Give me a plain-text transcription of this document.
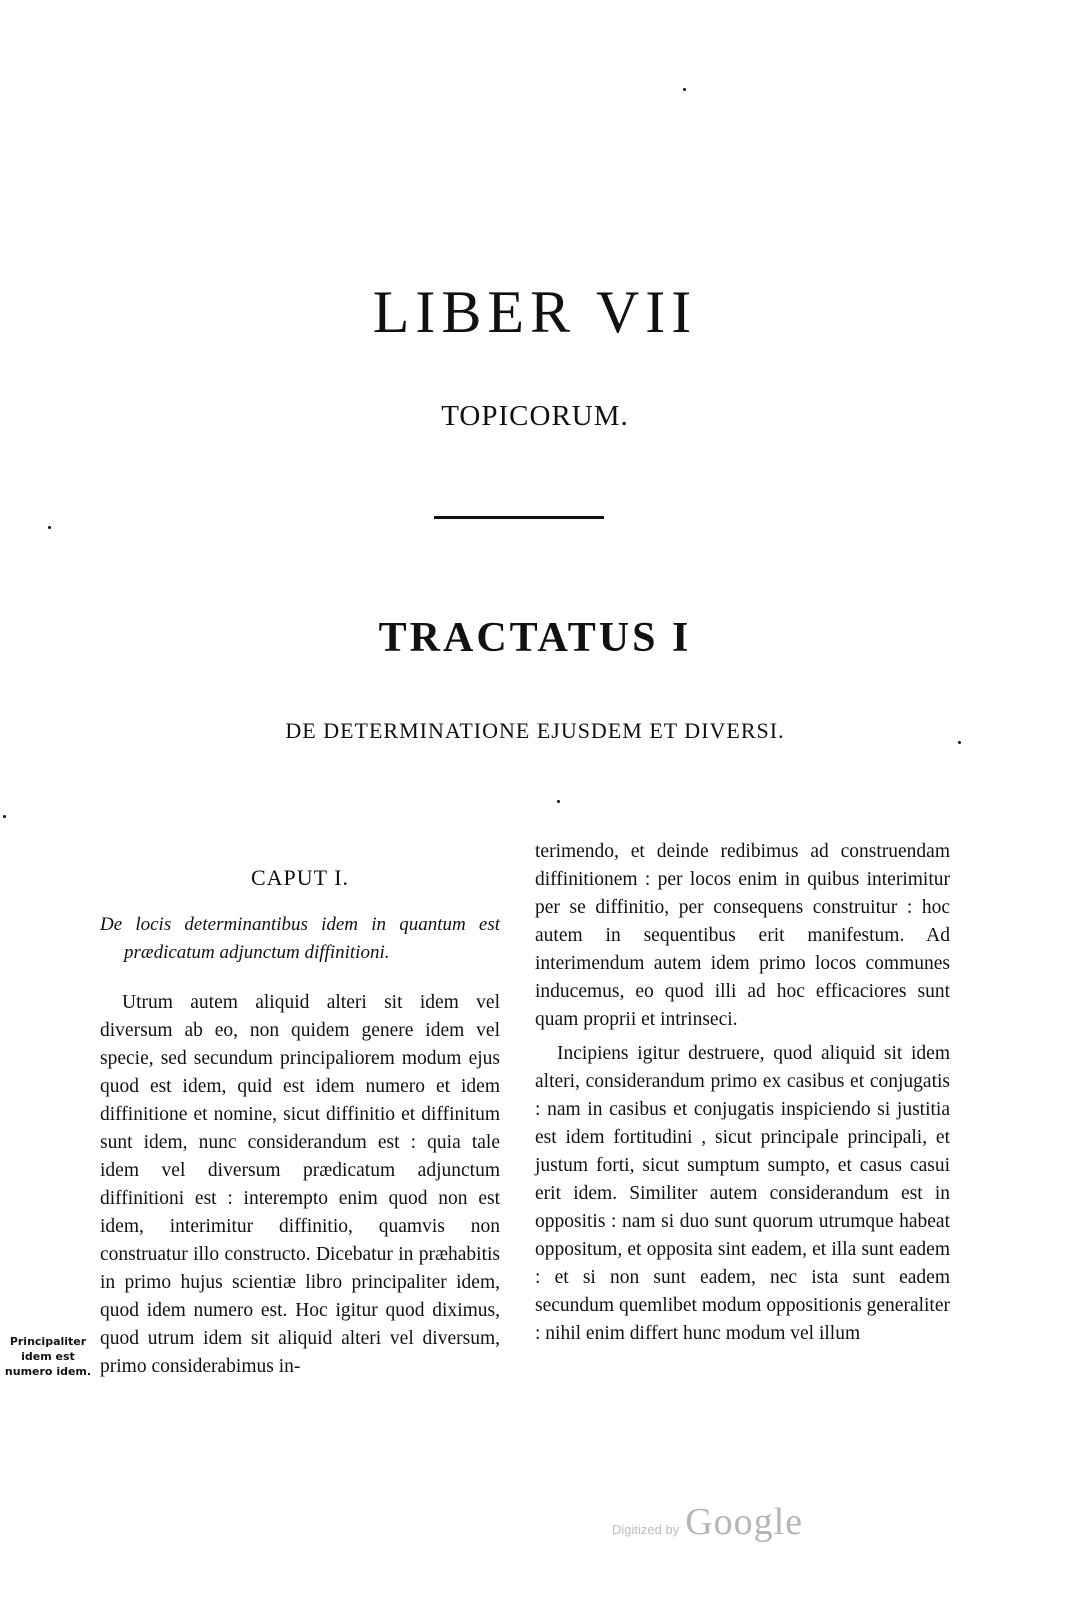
LIBER VII
TOPICORUM.
TRACTATUS I
DE DETERMINATIONE EJUSDEM ET DIVERSI.
CAPUT I.

De locis determinantibus idem in quantum est prædicatum adjunctum diffinitioni.

Utrum autem aliquid alteri sit idem vel diversum ab eo, non quidem genere idem vel specie, sed secundum principaliorem modum ejus quod est idem, quid est idem numero et idem diffinitione et nomine, sicut diffinitio et diffinitum sunt idem, nunc considerandum est : quia tale idem vel diversum prædicatum adjunctum diffinitioni est : interempto enim quod non est idem, interimitur diffinitio, quamvis non construatur illo constructo. Dicebatur in præhabitis in primo hujus scientiæ libro principaliter idem, quod idem numero est. Hoc igitur quod diximus, quod utrum idem sit aliquid alteri vel diversum, primo considerabimus in-

Principaliter idem est numero idem.

terimendo, et deinde redibimus ad construendam diffinitionem : per locos enim in quibus interimitur per se diffinitio, per consequens construitur : hoc autem in sequentibus erit manifestum. Ad interimendum autem idem primo locos communes inducemus, eo quod illi ad hoc efficaciores sunt quam proprii et intrinseci.

Incipiens igitur destruere, quod aliquid sit idem alteri, considerandum primo ex casibus et conjugatis : nam in casibus et conjugatis inspiciendo si justitia est idem fortitudini , sicut principale principali, et justum forti, sicut sumptum sumpto, et casus casui erit idem. Similiter autem considerandum est in oppositis : nam si duo sunt quorum utrumque habeat oppositum, et opposita sint eadem, et illa sunt eadem : et si non sunt eadem, nec ista sunt eadem secundum quemlibet modum oppositionis generaliter : nihil enim differt hunc modum vel illum

Digitized by Google
